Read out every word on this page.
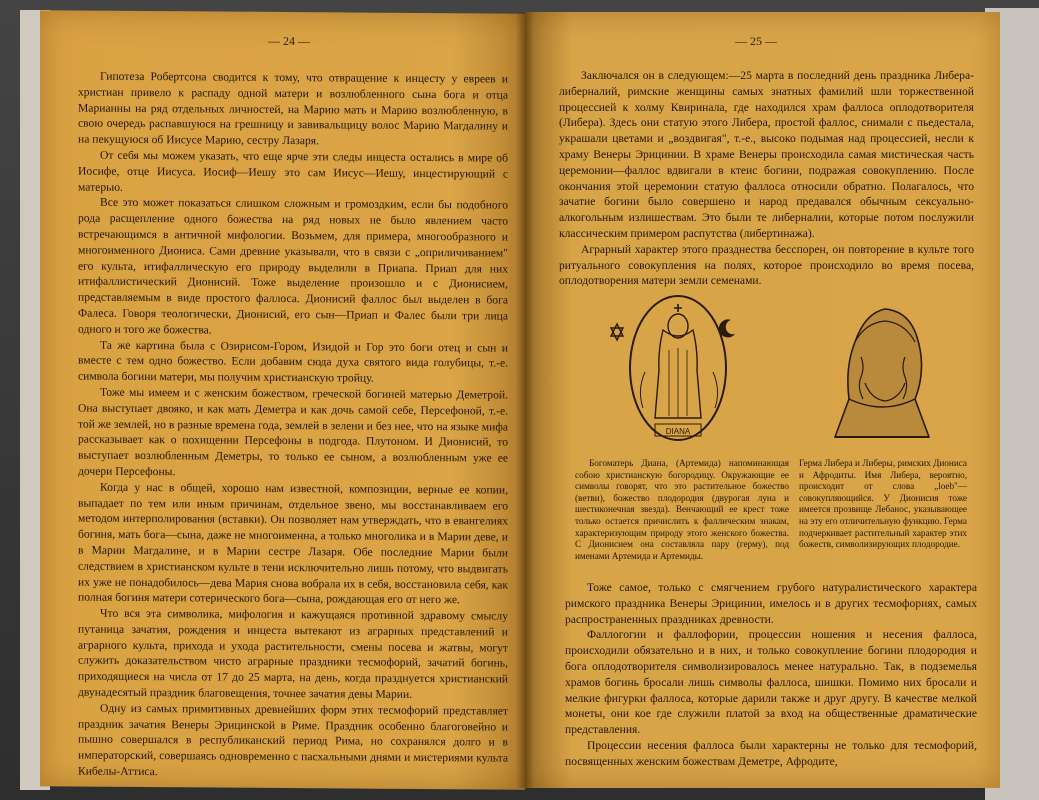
— 24 —

Гипотеза Робертсона сводится к тому, что отвращение к инцесту у евреев и христиан привело к распаду одной матери и возлюбленного сына бога и отца Марианны на ряд отдельных личностей, на Марию мать и Марию возлюбленную, в свою очередь распавшуюся на грешницу и завивальщицу волос Марию Магдалину и на пекущуюся об Иисусе Марию, сестру Лазаря.

От себя мы можем указать, что еще ярче эти следы инцеста остались в мире об Иосифе, отце Иисуса. Иосиф—Иешу это сам Иисус—Иешу, инцестирующий с матерью.

Все это может показаться слишком сложным и громоздким, если бы подобного рода расщепление одного божества на ряд новых не было явлением часто встречающимся в античной мифологии. Возьмем, для примера, многообразного и многоименного Диониса. Сами древние указывали, что в связи с „оприличиванием" его культа, итифаллическую его природу выделили в Приапа. Приап для них итифаллистический Дионисий. Тоже выделение произошло и с Дионисием, представляемым в виде простого фаллоса. Дионисий фаллос был выделен в бога Фалеса. Говоря теологически, Дионисий, его сын—Приап и Фалес были три лица одного и того же божества.

Та же картина была с Озирисом-Гором, Изидой и Гор это боги отец и сын и вместе с тем одно божество. Если добавим сюда духа святого вида голубицы, т.-е. символа богини матери, мы получим христианскую тройцу.

Тоже мы имеем и с женским божеством, греческой богиней матерью Деметрой. Она выступает двояко, и как мать Деметра и как дочь самой себе, Персефоной, т.-е. той же землей, но в разные времена года, землей в зелени и без нее, что на языке мифа рассказывает как о похищении Персефоны в подгода. Плутоном. И Дионисий, то выступает возлюбленным Деметры, то только ее сыном, а возлюбленным уже ее дочери Персефоны.

Когда у нас в общей, хорошо нам известной, композиции, верные ее копии, выпадает по тем или иным причинам, отдельное звено, мы восстанавливаем его методом интерполирования (вставки). Он позволяет нам утверждать, что в евангелиях богиня, мать бога—сына, даже не многоименна, а только многолика и в Марии деве, и в Марии Магдалине, и в Марии сестре Лазаря. Обе последние Марии были следствием в христианском культе в тени исключительно лишь потому, что выдвигать их уже не понадобилось—дева Мария снова вобрала их в себя, восстановила себя, как полная богиня матери сотерического бога—сына, рождающая его от него же.

Что вся эта символика, мифология и кажущаяся противной здравому смыслу путаница зачатия, рождения и инцеста вытекают из аграрных представлений и аграрного культа, прихода и ухода растительности, смены посева и жатвы, могут служить доказательством чисто аграрные праздники тесмофорий, зачатий богинь, приходящиеся на числа от 17 до 25 марта, на день, когда празднуется христианский двунадесятый праздник благовещения, точнее зачатия девы Марии.

Одну из самых примитивных древнейших форм этих тесмофорий представляет праздник зачатия Венеры Эрицинской в Риме. Праздник особенно благоговейно и пышно совершался в республиканский период Рима, но сохранялся долго и в императорский, совершаясь одновременно с пасхальными днями и мистериями культа Кибелы-Аттиса.

— 25 —

Заключался он в следующем:—25 марта в последний день праздника Либера-либерналий, римские женщины самых знатных фамилий шли торжественной процессией к холму Квиринала, где находился храм фаллоса оплодотворителя (Либера). Здесь они статую этого Либера, простой фаллос, снимали с пьедестала, украшали цветами и „воздвигая", т.-е., высоко подымая над процессией, несли к храму Венеры Эрицинии. В храме Венеры происходила самая мистическая часть церемонии—фаллос вдвигали в ктеис богини, подражая совокуплению. После окончания этой церемонии статую фаллоса относили обратно. Полагалось, что зачатие богини было совершено и народ предавался обычным сексуально-алкогольным излишествам. Это были те либерналии, которые потом послужили классическим примером распутства (либертинажа).

Аграрный характер этого празднества бесспорен, он повторение в культе того ритуального совокупления на полях, которое происходило во время посева, оплодотворения матери земли семенами.

DIANA
Богоматерь Диана, (Артемида) напоминающая собою христианскую богородицу. Окружающие ее символы говорят, что это растительное божество (ветви), божество плодородия (двурогая луна и шестиконечная звезда). Венчающий ее крест тоже только остается причислить к фаллическим знакам, характеризующим природу этого женского божества. С Дионисием она составляла пару (герму), под именами Артемида и Артемиды.
Герма Либера и Либеры, римских Диониса и Афродиты. Имя Либера, вероятно, происходит от слова „loeb"—совокупляющийся. У Дионисия тоже имеется прозвище Лебанос, указывающее на эту его отличительную функцию. Герма подчеркивает растительный характер этих божеств, символизирующих плодородие.

Тоже самое, только с смягчением грубого натуралистического характера римского праздника Венеры Эрицинии, имелось и в других тесмофориях, самых распространенных праздниках древности.

Фаллогогии и фаллофории, процессии ношения и несения фаллоса, происходили обязательно и в них, и только совокупление богини плодородия и бога оплодотворителя символизировалось менее натурально. Так, в подземелья храмов богинь бросали лишь символы фаллоса, шишки. Помимо них бросали и мелкие фигурки фаллоса, которые дарили также и друг другу. В качестве мелкой монеты, они кое где служили платой за вход на общественные драматические представления.

Процессии несения фаллоса были характерны не только для тесмофорий, посвященных женским божествам Деметре, Афродите,
